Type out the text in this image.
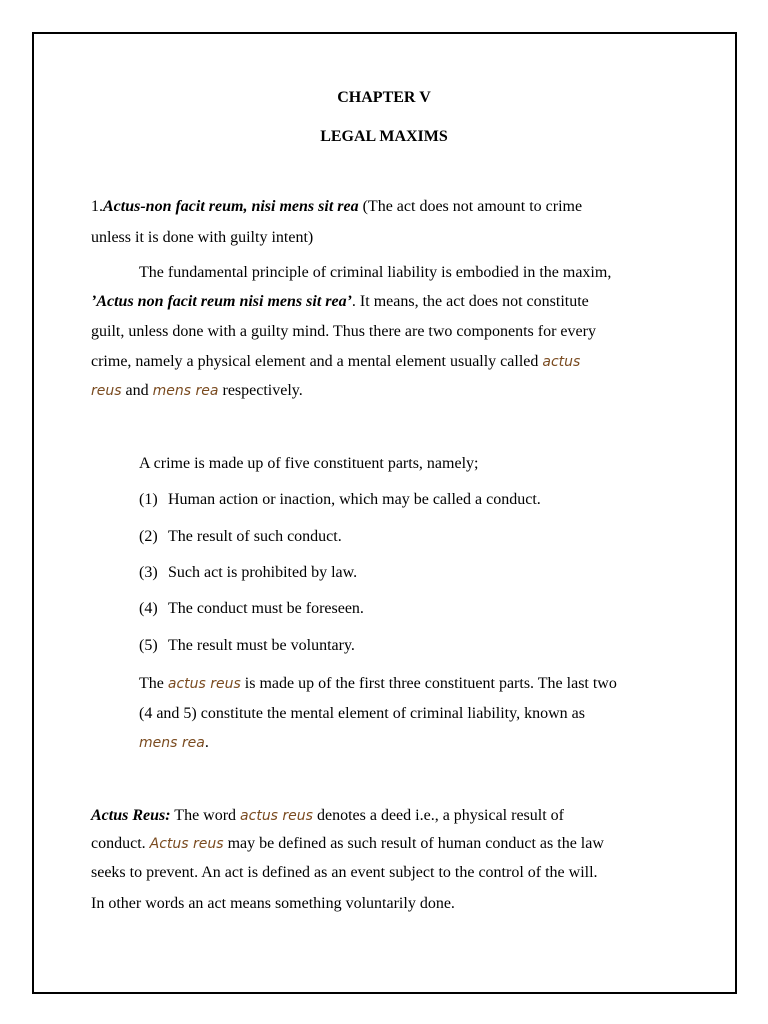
CHAPTER V
LEGAL MAXIMS
1.Actus-non facit reum, nisi mens sit rea (The act does not amount to crime
unless it is done with guilty intent)
The fundamental principle of criminal liability is embodied in the maxim,
’Actus non facit reum nisi mens sit rea’. It means, the act does not constitute
guilt, unless done with a guilty mind. Thus there are two components for every
crime, namely a physical element and a mental element usually called actus
reus and mens rea respectively.
A crime is made up of five constituent parts, namely;
(1) Human action or inaction, which may be called a conduct.
(2) The result of such conduct.
(3) Such act is prohibited by law.
(4) The conduct must be foreseen.
(5) The result must be voluntary.
The actus reus is made up of the first three constituent parts. The last two
(4 and 5) constitute the mental element of criminal liability, known as
mens rea.
Actus Reus: The word actus reus denotes a deed i.e., a physical result of
conduct. Actus reus may be defined as such result of human conduct as the law
seeks to prevent. An act is defined as an event subject to the control of the will.
In other words an act means something voluntarily done.
